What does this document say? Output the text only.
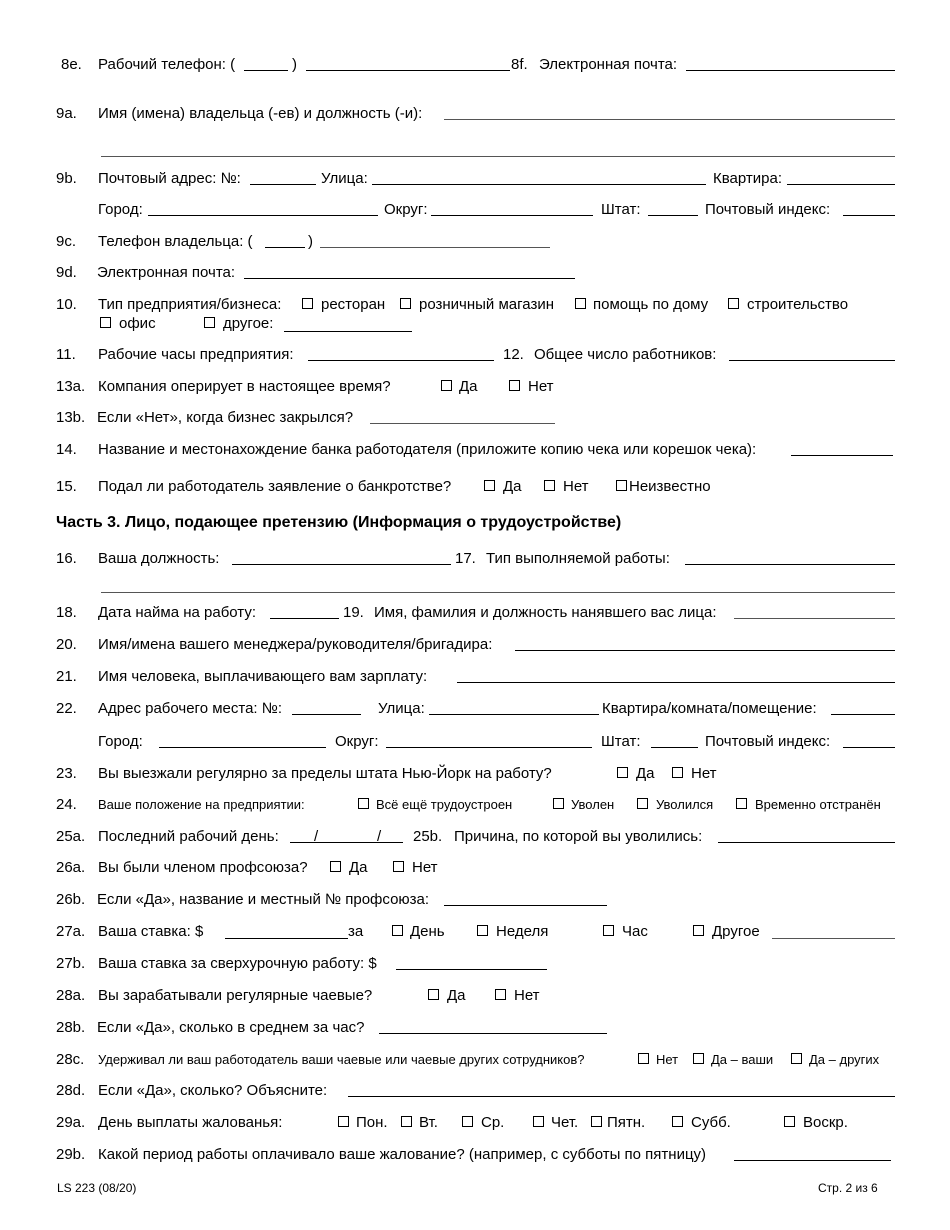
8e. Рабочий телефон: (	)	8f. Электронная почта:
9a. Имя (имена) владельца (-ев) и должность (-и):
9b. Почтовый адрес: №:	Улица:	Квартира:
Город:	Округ:	Штат:	Почтовый индекс:
9c. Телефон владельца: (	)
9d. Электронная почта:
10. Тип предприятия/бизнеса:	ресторан розничный магазин	помощь по дому	строительство
офис	другое:
11. Рабочие часы предприятия:	12. Общее число работников:
13a. Компания оперирует в настоящее время?	Да	Нет
13b. Если «Нет», когда бизнес закрылся?
14. Название и местонахождение банка работодателя (приложите копию чека или корешок чека):
15. Подал ли работодатель заявление о банкротстве?	Да	Нет	Неизвестно
Часть 3. Лицо, подающее претензию (Информация о трудоустройстве)
16. Ваша должность:	17. Тип выполняемой работы:
18. Дата найма на работу:	19. Имя, фамилия и должность нанявшего вас лица:
20. Имя/имена вашего менеджера/руководителя/бригадира:
21. Имя человека, выплачивающего вам зарплату:
22. Адрес рабочего места: №:	Улица:	Квартира/комната/помещение:
Город:	Округ:	Штат:	Почтовый индекс:
23. Вы выезжали регулярно за пределы штата Нью-Йорк на работу?	Да Нет
24. Ваше положение на предприятии:	Всё ещё трудоустроен	Уволен	Уволился	Временно отстранён
25a. Последний рабочий день: /	/ 25b. Причина, по которой вы уволились:
26a. Вы были членом профсоюза?	Да	Нет
26b. Если «Да», название и местный № профсоюза:
27a. Ваша ставка: $	за	День	Неделя	Час	Другое
27b. Ваша ставка за сверхурочную работу: $
28a. Вы зарабатывали регулярные чаевые?	Да	Нет
28b. Если «Да», сколько в среднем за час?
28c. Удерживал ли ваш работодатель ваши чаевые или чаевые других сотрудников?	Нет	Да – ваши	Да – других
28d. Если «Да», сколько? Объясните:
29a. День выплаты жалованья:	Пон. Вт.	Ср.	Чет. Пятн.	Субб.	Воскр.
29b. Какой период работы оплачивало ваше жалование? (например, с субботы по пятницу)
LS 223 (08/20)	Стр. 2 из 6
